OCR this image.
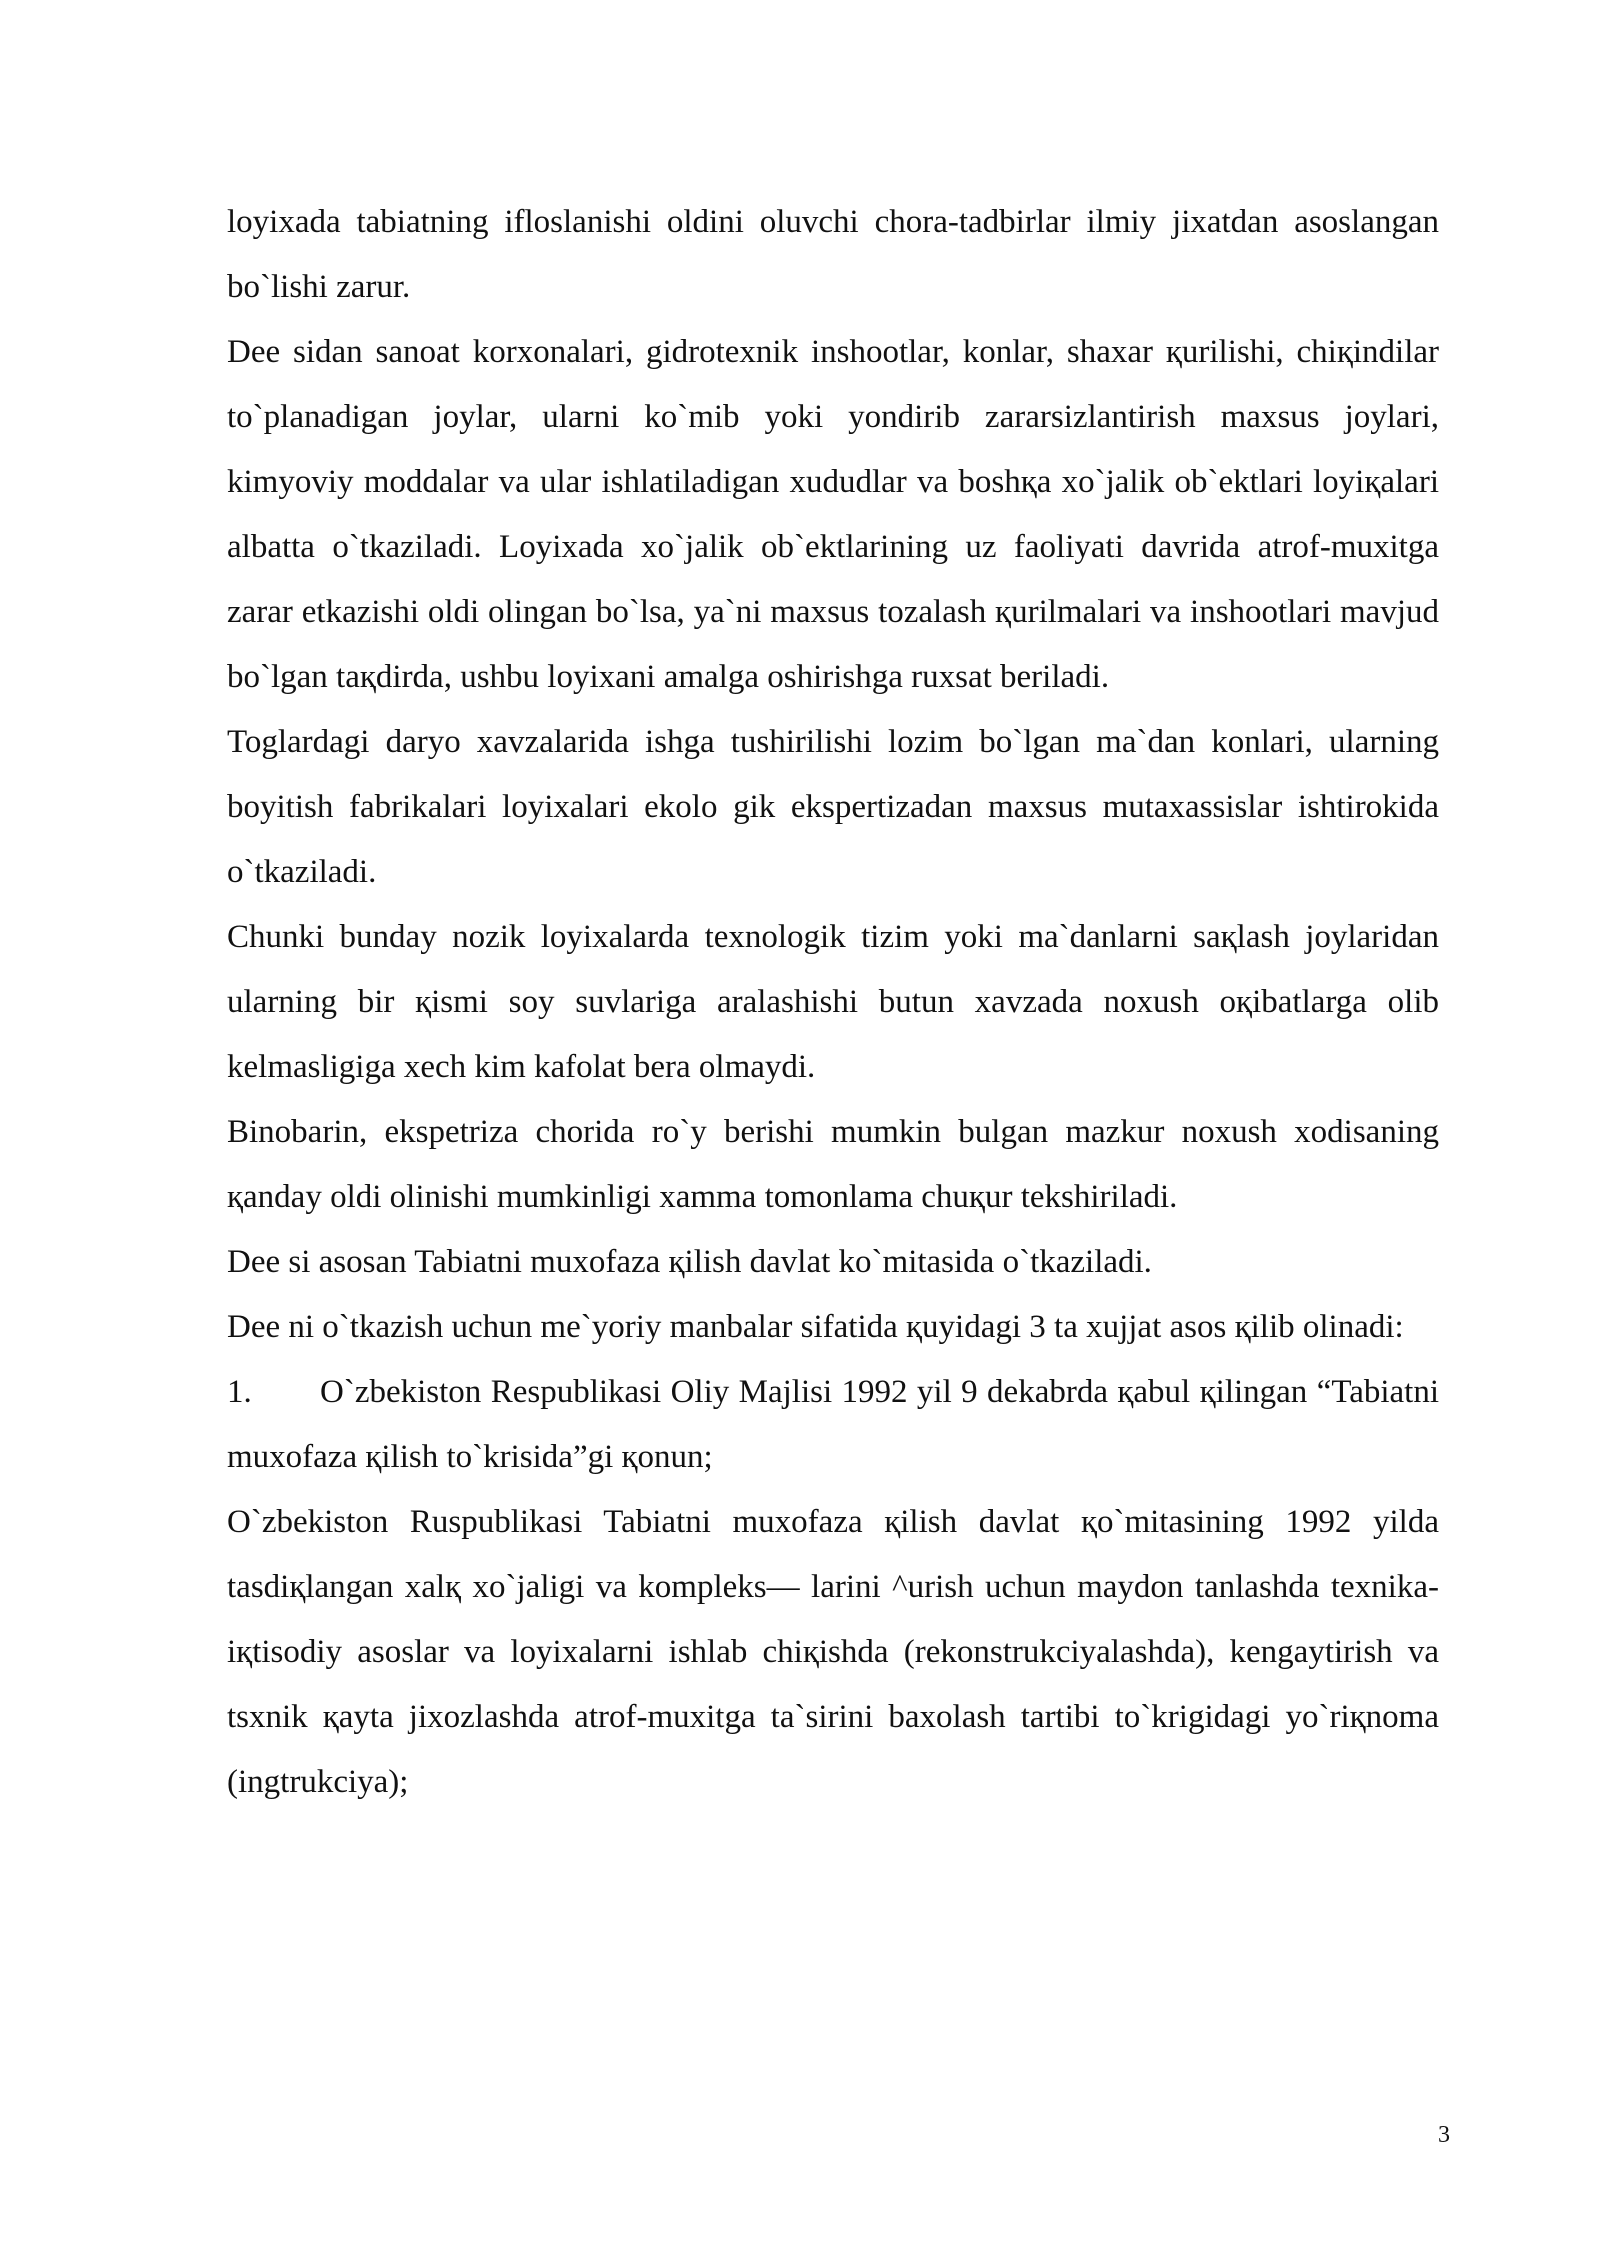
loyixada tabiatning ifloslanishi oldini oluvchi chora-tadbirlar ilmiy jixatdan asoslangan bo`lishi zarur.

Dee sidan sanoat korxonalari, gidrotexnik inshootlar, konlar, shaxar қurilishi, chiқindilar to`planadigan joylar, ularni ko`mib yoki yondirib zararsizlantirish maxsus joylari, kimyoviy moddalar va ular ishlatiladigan xududlar va boshқa xo`jalik ob`ektlari loyiқalari albatta o`tkaziladi. Loyixada xo`jalik ob`ektlarining uz faoliyati davrida atrof-muxitga zarar etkazishi oldi olingan bo`lsa, ya`ni maxsus tozalash қurilmalari va inshootlari mavjud bo`lgan taқdirda, ushbu loyixani amalga oshirishga ruxsat beriladi.

Toglardagi daryo xavzalarida ishga tushirilishi lozim bo`lgan ma`dan konlari, ularning boyitish fabrikalari loyixalari ekolo gik ekspertizadan maxsus mutaxassislar ishtirokida o`tkaziladi.

Chunki bunday nozik loyixalarda texnologik tizim yoki ma`danlarni saқlash joylaridan ularning bir қismi soy suvlariga aralashishi butun xavzada noxush oқibatlarga olib kelmasligiga xech kim kafolat bera olmaydi.

Binobarin, ekspetriza chorida ro`y berishi mumkin bulgan mazkur noxush xodisaning қanday oldi olinishi mumkinligi xamma tomonlama chuқur tekshiriladi.

Dee si asosan Tabiatni muxofaza қilish davlat ko`mitasida o`tkaziladi.

Dee ni o`tkazish uchun me`yoriy manbalar sifatida қuyidagi 3 ta xujjat asos қilib olinadi:

1. O`zbekiston Respublikasi Oliy Majlisi 1992 yil 9 dekabrda қabul қilingan “Tabiatni muxofaza қilish to`krisida”gi қonun;

O`zbekiston Ruspublikasi Tabiatni muxofaza қilish davlat қo`mitasining 1992 yilda tasdiқlangan xalқ xo`jaligi va kompleks— larini ^urish uchun maydon tanlashda texnika-iқtisodiy asoslar va loyixalarni ishlab chiқishda (rekonstrukciyalashda), kengaytirish va tsxnik қayta jixozlashda atrof-muxitga ta`sirini baxolash tartibi to`krigidagi yo`riқnoma (ingtrukciya);

3
